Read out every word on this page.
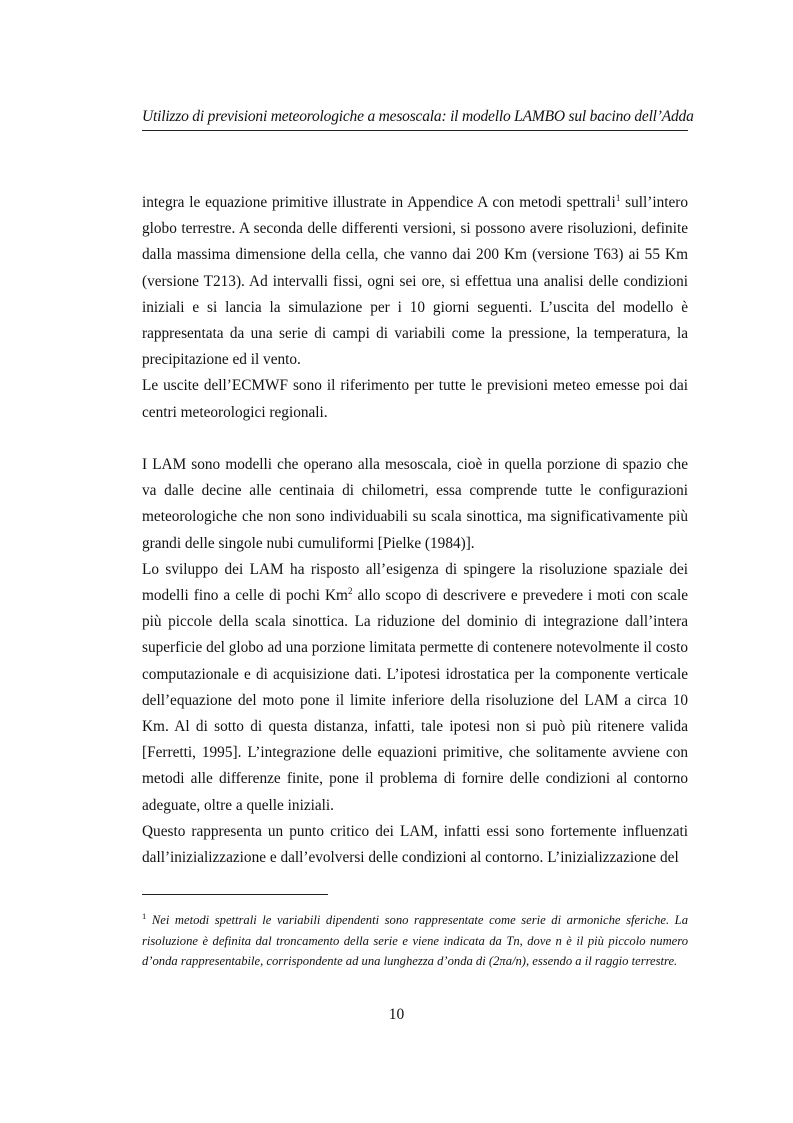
Utilizzo di previsioni meteorologiche a mesoscala: il modello LAMBO sul bacino dell’Adda

integra le equazione primitive illustrate in Appendice A con metodi spettrali$^1$ sull’intero globo terrestre. A seconda delle differenti versioni, si possono avere risoluzioni, definite dalla massima dimensione della cella, che vanno dai 200 Km (versione T63) ai 55 Km (versione T213). Ad intervalli fissi, ogni sei ore, si effettua una analisi delle condizioni iniziali e si lancia la simulazione per i 10 giorni seguenti. L’uscita del modello è rappresentata da una serie di campi di variabili come la pressione, la temperatura, la precipitazione ed il vento.

Le uscite dell’ECMWF sono il riferimento per tutte le previsioni meteo emesse poi dai centri meteorologici regionali.

I LAM sono modelli che operano alla mesoscala, cioè in quella porzione di spazio che va dalle decine alle centinaia di chilometri, essa comprende tutte le configurazioni meteorologiche che non sono individuabili su scala sinottica, ma significativamente più grandi delle singole nubi cumuliformi [Pielke (1984)].

Lo sviluppo dei LAM ha risposto all’esigenza di spingere la risoluzione spaziale dei modelli fino a celle di pochi Km$^2$ allo scopo di descrivere e prevedere i moti con scale più piccole della scala sinottica. La riduzione del dominio di integrazione dall’intera superficie del globo ad una porzione limitata permette di contenere notevolmente il costo computazionale e di acquisizione dati. L’ipotesi idrostatica per la componente verticale dell’equazione del moto pone il limite inferiore della risoluzione del LAM a circa 10 Km. Al di sotto di questa distanza, infatti, tale ipotesi non si può più ritenere valida [Ferretti, 1995]. L’integrazione delle equazioni primitive, che solitamente avviene con metodi alle differenze finite, pone il problema di fornire delle condizioni al contorno adeguate, oltre a quelle iniziali.

Questo rappresenta un punto critico dei LAM, infatti essi sono fortemente influenzati dall’inizializzazione e dall’evolversi delle condizioni al contorno. L’inizializzazione del

$^1$ Nei metodi spettrali le variabili dipendenti sono rappresentate come serie di armoniche sferiche. La risoluzione è definita dal troncamento della serie e viene indicata da Tn, dove n è il più piccolo numero d’onda rappresentabile, corrispondente ad una lunghezza d’onda di (2πa/n), essendo a il raggio terrestre.
10
